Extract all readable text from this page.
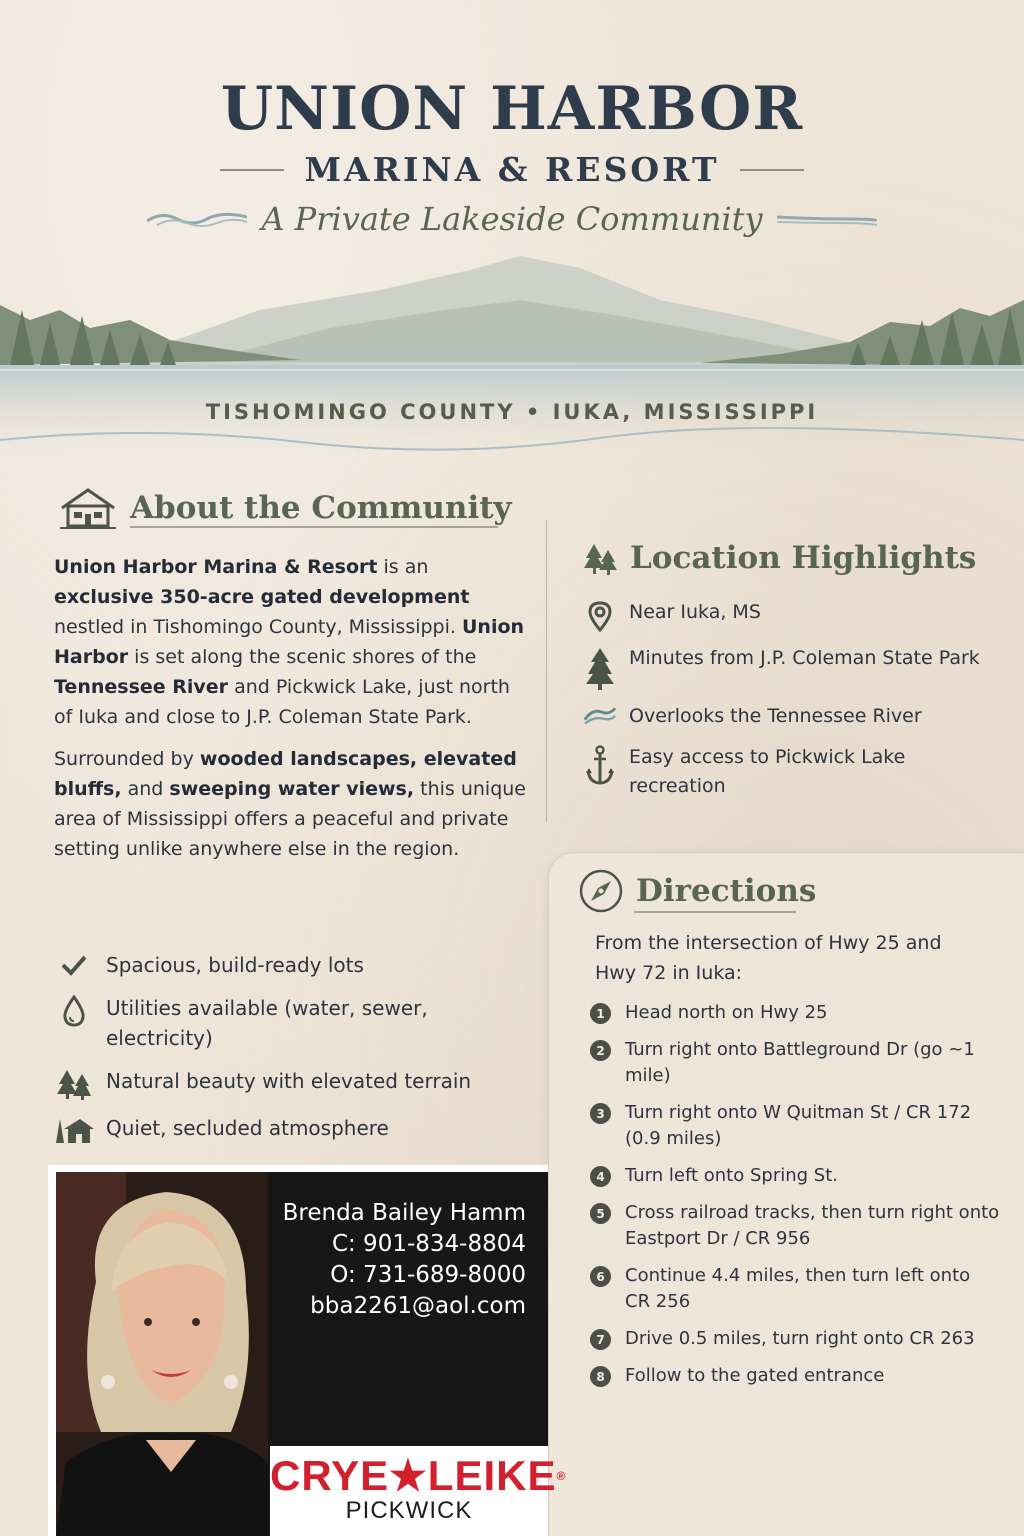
UNION HARBOR
MARINA & RESORT
A Private Lakeside Community
TISHOMINGO COUNTY • IUKA, MISSISSIPPI
About the Community

Union Harbor Marina & Resort is an exclusive 350-acre gated development nestled in Tishomingo County, Mississippi. Union Harbor is set along the scenic shores of the Tennessee River and Pickwick Lake, just north of Iuka and close to J.P. Coleman State Park.

Surrounded by wooded landscapes, elevated bluffs, and sweeping water views, this unique area of Mississippi offers a peaceful and private setting unlike anywhere else in the region.

Spacious, build-ready lots
Utilities available (water, sewer, electricity)
Natural beauty with elevated terrain
Quiet, secluded atmosphere
Location Highlights
Near Iuka, MS
Minutes from J.P. Coleman State Park
Overlooks the Tennessee River
Easy access to Pickwick Lake recreation
Directions
From the intersection of Hwy 25 and Hwy 72 in Iuka:
1	Head north on Hwy 25
2	Turn right onto Battleground Dr (go ~1 mile)
3	Turn right onto W Quitman St / CR 172 (0.9 miles)
4	Turn left onto Spring St.
5	Cross railroad tracks, then turn right onto Eastport Dr / CR 956
6	Continue 4.4 miles, then turn left onto CR 256
7	Drive 0.5 miles, turn right onto CR 263
8	Follow to the gated entrance
Brenda Bailey Hamm
C: 901-834-8804
O: 731-689-8000
bba2261@aol.com
CRYE★LEIKE®
PICKWICK
